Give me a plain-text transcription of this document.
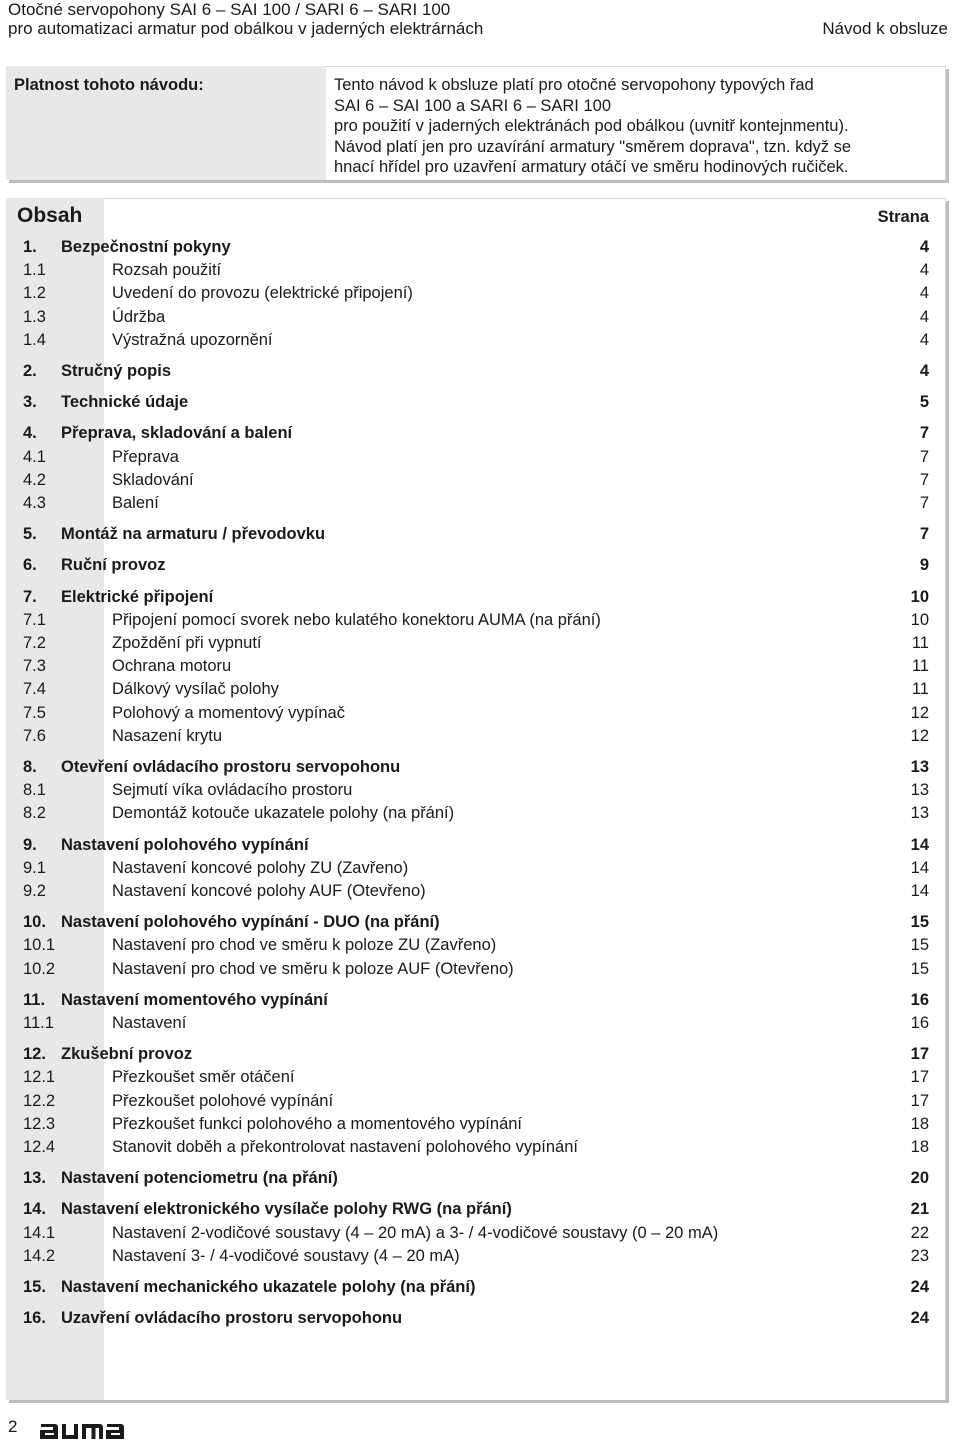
Otočné servopohony SAI 6 – SAI 100 / SARI 6 – SARI 100
pro automatizaci armatur pod obálkou v jaderných elektrárnách	Návod k obsluze
Platnost tohoto návodu:	Tento návod k obsluze platí pro otočné servopohony typových řad
SAI 6 – SAI 100 a SARI 6 – SARI 100
pro použití v jaderných elektránách pod obálkou (uvnitř kontejnmentu).
Návod platí jen pro uzavírání armatury "směrem doprava", tzn. když se
hnací hřídel pro uzavření armatury otáčí ve směru hodinových ručiček.
Obsah	Strana
1. Bezpečnostní pokyny	4
1.1	Rozsah použití	4
1.2	Uvedení do provozu (elektrické připojení)	4
1.3	Údržba	4
1.4	Výstražná upozornění	4
2. Stručný popis	4
3. Technické údaje	5
4. Přeprava, skladování a balení	7
4.1	Přeprava	7
4.2	Skladování	7
4.3	Balení	7
5. Montáž na armaturu / převodovku	7
6. Ruční provoz	9
7. Elektrické připojení	10
7.1	Připojení pomocí svorek nebo kulatého konektoru AUMA (na přání)	10
7.2	Zpoždění při vypnutí	11
7.3	Ochrana motoru	11
7.4	Dálkový vysílač polohy	11
7.5	Polohový a momentový vypínač	12
7.6	Nasazení krytu	12
8. Otevření ovládacího prostoru servopohonu	13
8.1	Sejmutí víka ovládacího prostoru	13
8.2	Demontáž kotouče ukazatele polohy (na přání)	13
9. Nastavení polohového vypínání	14
9.1	Nastavení koncové polohy ZU (Zavřeno)	14
9.2	Nastavení koncové polohy AUF (Otevřeno)	14
10. Nastavení polohového vypínání - DUO (na přání)	15
10.1	Nastavení pro chod ve směru k poloze ZU (Zavřeno)	15
10.2	Nastavení pro chod ve směru k poloze AUF (Otevřeno)	15
11. Nastavení momentového vypínání	16
11.1	Nastavení	16
12. Zkušební provoz	17
12.1	Přezkoušet směr otáčení	17
12.2	Přezkoušet polohové vypínání	17
12.3	Přezkoušet funkci polohového a momentového vypínání	18
12.4	Stanovit doběh a překontrolovat nastavení polohového vypínání	18
13. Nastavení potenciometru (na přání)	20
14. Nastavení elektronického vysílače polohy RWG (na přání)	21
14.1	Nastavení 2-vodičové soustavy (4 – 20 mA) a 3- / 4-vodičové soustavy (0 – 20 mA)	22
14.2	Nastavení 3- / 4-vodičové soustavy (4 – 20 mA)	23
15. Nastavení mechanického ukazatele polohy (na přání)	24
16. Uzavření ovládacího prostoru servopohonu	24
2
